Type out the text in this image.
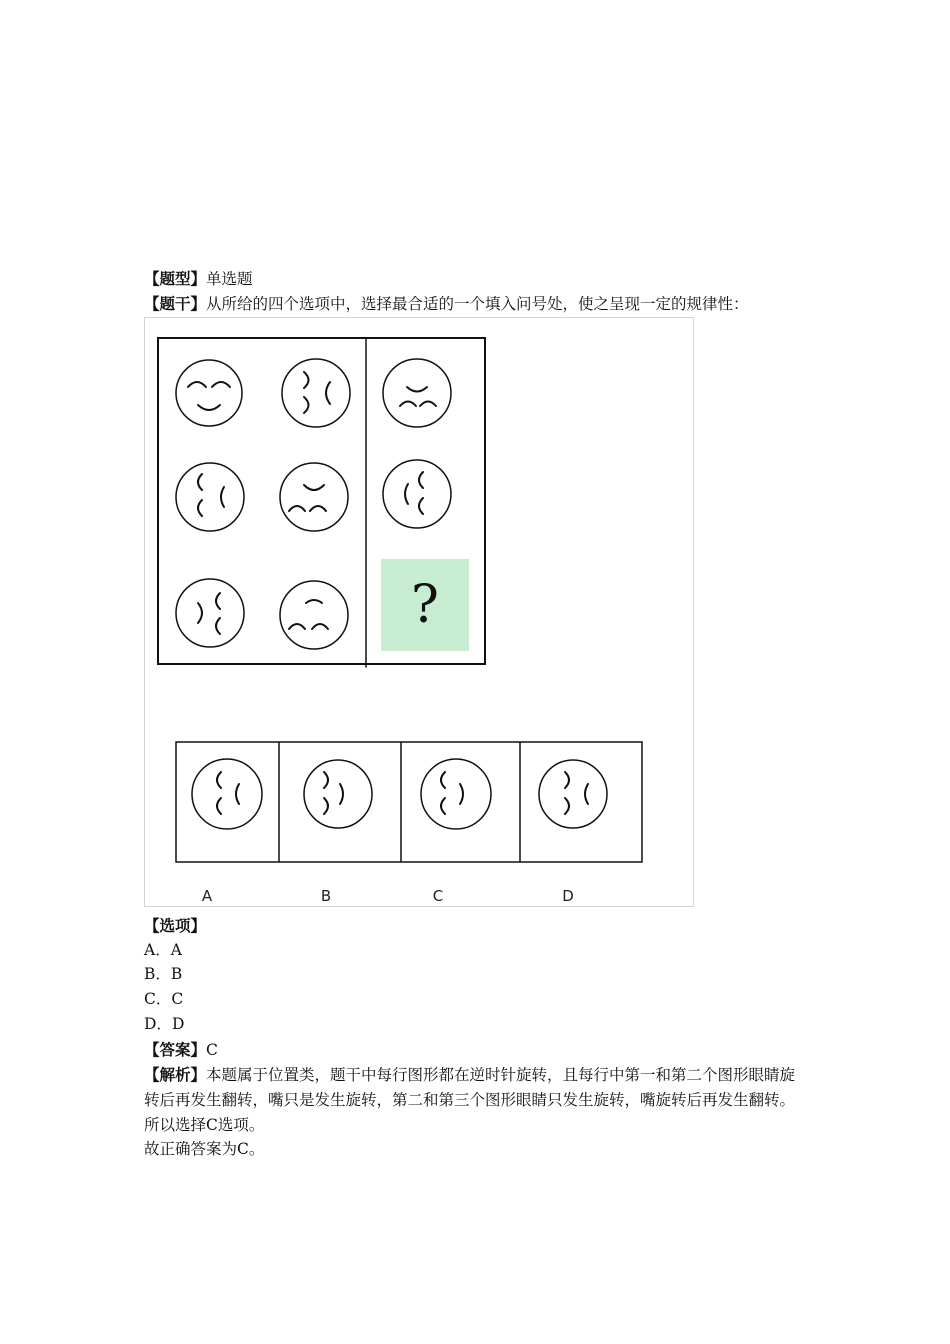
【题型】单选题
【题干】从所给的四个选项中，选择最合适的一个填入问号处，使之呈现一定的规律性：
?
A	B	C	D
【选项】
A．A
B．B
C．C
D．D
【答案】C
【解析】本题属于位置类，题干中每行图形都在逆时针旋转，且每行中第一和第二个图形眼睛旋转后再发生翻转，嘴只是发生旋转，第二和第三个图形眼睛只发生旋转，嘴旋转后再发生翻转。所以选择C选项。
故正确答案为C。
